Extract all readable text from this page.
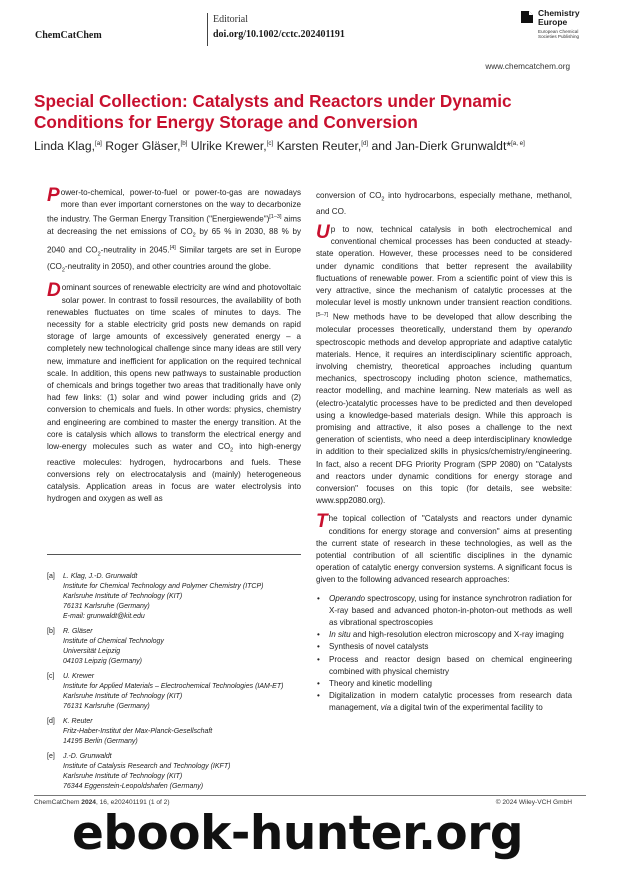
ChemCatChem
Editorial
doi.org/10.1002/cctc.202401191
Chemistry Europe
European Chemical Societies Publishing
www.chemcatchem.org
Special Collection: Catalysts and Reactors under Dynamic Conditions for Energy Storage and Conversion
Linda Klag,[a] Roger Gläser,[b] Ulrike Krewer,[c] Karsten Reuter,[d] and Jan-Dierk Grunwaldt*[a, e]

Power-to-chemical, power-to-fuel or power-to-gas are nowadays more than ever important cornerstones on the way to decarbonize the industry. The German Energy Transition ("Energiewende")[1–3] aims at decreasing the net emissions of $CO_2$ by 65 % in 2030, 88 % by 2040 and $CO_2$-neutrality in 2045.[4] Similar targets are set in Europe ($CO_2$-neutrality in 2050), and other countries around the globe.

Dominant sources of renewable electricity are wind and photovoltaic solar power. In contrast to fossil resources, the availability of both renewables fluctuates on time scales of minutes to days. The necessity for a stable electricity grid posts new demands on rapid storage of large amounts of excessively generated energy – a completely new technological challenge since many ideas are still very new, immature and inefficient for application on the required technical scale. In addition, this opens new pathways to sustainable production of chemicals and brings together two areas that traditionally have only had few links: (1) solar and wind power including grids and (2) conversion to chemicals and fuels. In other words: physics, chemistry and engineering are combined to master the energy transition. At the core is catalysis which allows to transform the electrical energy and low-energy molecules such as water and $CO_2$ into high-energy reactive molecules: hydrogen, hydrocarbons and fuels. These conversions rely on electrocatalysis and (mainly) heterogeneous catalysis. Application areas in focus are water electrolysis into hydrogen and oxygen as well as

[a] L. Klag, J.-D. Grunwaldt
Institute for Chemical Technology and Polymer Chemistry (ITCP)
Karlsruhe Institute of Technology (KIT)
76131 Karlsruhe (Germany)
E-mail: grunwaldt@kit.edu
[b] R. Gläser
Institute of Chemical Technology
Universität Leipzig
04103 Leipzig (Germany)
[c] U. Krewer
Institute for Applied Materials – Electrochemical Technologies (IAM-ET)
Karlsruhe Institute of Technology (KIT)
76131 Karlsruhe (Germany)
[d] K. Reuter
Fritz-Haber-Institut der Max-Planck-Gesellschaft
14195 Berlin (Germany)
[e] J.-D. Grunwaldt
Institute of Catalysis Research and Technology (IKFT)
Karlsruhe Institute of Technology (KIT)
76344 Eggenstein-Leopoldshafen (Germany)

conversion of $CO_2$ into hydrocarbons, especially methane, methanol, and CO.

Up to now, technical catalysis in both electrochemical and conventional chemical processes has been conducted at steady-state operation. However, these processes need to be considered under dynamic conditions that better represent the availability fluctuations of renewable power. From a scientific point of view this is very attractive, since the mechanism of catalytic processes at the molecular level is mostly unknown under transient reaction conditions.[5–7] New methods have to be developed that allow describing the molecular processes theoretically, understand them by operando spectroscopic methods and develop appropriate and adaptive catalytic materials. Hence, it requires an interdisciplinary scientific approach, involving chemistry, theoretical approaches including quantum mechanics, spectroscopy including photon science, mathematics, reactor modelling, and machine learning. New materials as well as (electro-)catalytic processes have to be predicted and then developed using a knowledge-based materials design. While this approach is promising and attractive, it also poses a challenge to the next generation of scientists, who need a deep interdisciplinary knowledge in addition to their specialized skills in physics/chemistry/engineering. In fact, also a recent DFG Priority Program (SPP 2080) on "Catalysts and reactors under dynamic conditions for energy storage and conversion" focuses on this topic (for details, see website: www.spp2080.org).

The topical collection of "Catalysts and reactors under dynamic conditions for energy storage and conversion" aims at presenting the current state of research in these technologies, as well as the potential contribution of all scientific disciplines in the dynamic operation of catalytic energy conversion systems. A significant focus is given to the following advanced research approaches:

• Operando spectroscopy, using for instance synchrotron radiation for X-ray based and advanced photon-in-photon-out methods as well as vibrational spectroscopies
• In situ and high-resolution electron microscopy and X-ray imaging
• Synthesis of novel catalysts
• Process and reactor design based on chemical engineering combined with physical chemistry
• Theory and kinetic modelling
• Digitalization in modern catalytic processes from research data management, via a digital twin of the experimental facility to
ChemCatChem 2024, 16, e202401191 (1 of 2)	© 2024 Wiley-VCH GmbH
ebook-hunter.org
